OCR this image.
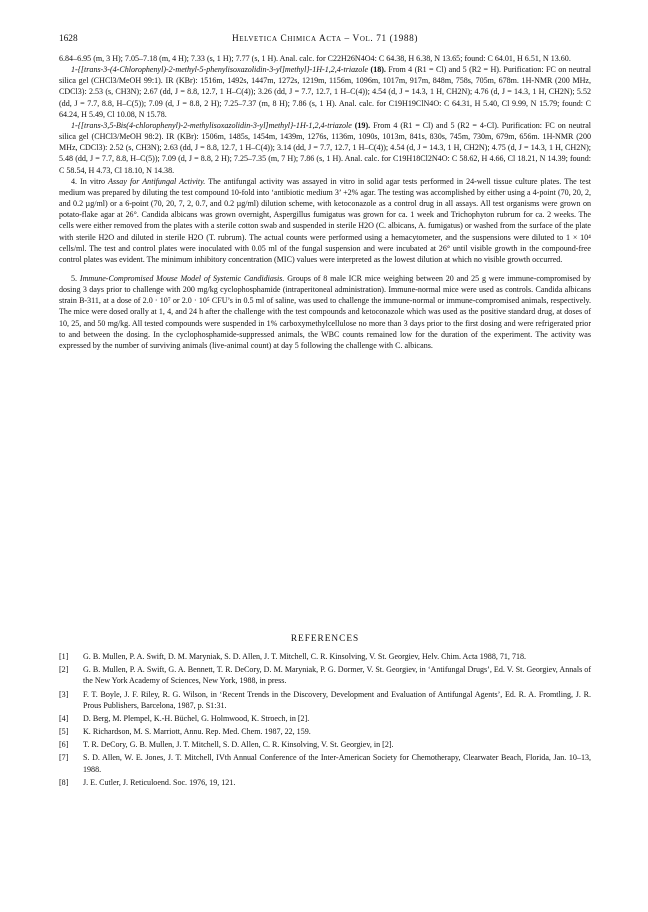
1628	Helvetica Chimica Acta – Vol. 71 (1988)

6.84–6.95 (m, 3 H); 7.05–7.18 (m, 4 H); 7.33 (s, 1 H); 7.77 (s, 1 H). Anal. calc. for C22H26N4O4: C 64.38, H 6.38, N 13.65; found: C 64.01, H 6.51, N 13.60.

1-{[trans-3-(4-Chlorophenyl)-2-methyl-5-phenylisoxazolidin-3-yl]methyl}-1H-1,2,4-triazole (18). From 4 (R1 = Cl) and 5 (R2 = H). Purification: FC on neutral silica gel (CHCl3/MeOH 99:1). IR (KBr): 1516m, 1492s, 1447m, 1272s, 1219m, 1156m, 1096m, 1017m, 917m, 848m, 758s, 705m, 678m. 1H-NMR (200 MHz, CDCl3): 2.53 (s, CH3N); 2.67 (dd, J = 8.8, 12.7, 1 H–C(4)); 3.26 (dd, J = 7.7, 12.7, 1 H–C(4)); 4.54 (d, J = 14.3, 1 H, CH2N); 4.76 (d, J = 14.3, 1 H, CH2N); 5.52 (dd, J = 7.7, 8.8, H–C(5)); 7.09 (d, J = 8.8, 2 H); 7.25–7.37 (m, 8 H); 7.86 (s, 1 H). Anal. calc. for C19H19ClN4O: C 64.31, H 5.40, Cl 9.99, N 15.79; found: C 64.24, H 5.49, Cl 10.08, N 15.78.

1-{[trans-3,5-Bis(4-chlorophenyl)-2-methylisoxazolidin-3-yl]methyl}-1H-1,2,4-triazole (19). From 4 (R1 = Cl) and 5 (R2 = 4-Cl). Purification: FC on neutral silica gel (CHCl3/MeOH 98:2). IR (KBr): 1506m, 1485s, 1454m, 1439m, 1276s, 1136m, 1090s, 1013m, 841s, 830s, 745m, 730m, 679m, 656m. 1H-NMR (200 MHz, CDCl3): 2.52 (s, CH3N); 2.63 (dd, J = 8.8, 12.7, 1 H–C(4)); 3.14 (dd, J = 7.7, 12.7, 1 H–C(4)); 4.54 (d, J = 14.3, 1 H, CH2N); 4.75 (d, J = 14.3, 1 H, CH2N); 5.48 (dd, J = 7.7, 8.8, H–C(5)); 7.09 (d, J = 8.8, 2 H); 7.25–7.35 (m, 7 H); 7.86 (s, 1 H). Anal. calc. for C19H18Cl2N4O: C 58.62, H 4.66, Cl 18.21, N 14.39; found: C 58.54, H 4.73, Cl 18.10, N 14.38.

4. In vitro Assay for Antifungal Activity. The antifungal activity was assayed in vitro in solid agar tests performed in 24-well tissue culture plates. The test medium was prepared by diluting the test compound 10-fold into ‘antibiotic medium 3’ +2% agar. The testing was accomplished by either using a 4-point (70, 20, 2, and 0.2 µg/ml) or a 6-point (70, 20, 7, 2, 0.7, and 0.2 µg/ml) dilution scheme, with ketoconazole as a control drug in all assays. All test organisms were grown on potato-flake agar at 26°. Candida albicans was grown overnight, Aspergillus fumigatus was grown for ca. 1 week and Trichophyton rubrum for ca. 2 weeks. The cells were either removed from the plates with a sterile cotton swab and suspended in sterile H2O (C. albicans, A. fumigatus) or washed from the surface of the plate with sterile H2O and diluted in sterile H2O (T. rubrum). The actual counts were performed using a hemacytometer, and the suspensions were diluted to 1 × 10⁴ cells/ml. The test and control plates were inoculated with 0.05 ml of the fungal suspension and were incubated at 26° until visible growth in the compound-free control plates was evident. The minimum inhibitory concentration (MIC) values were interpreted as the lowest dilution at which no visible growth occurred.

5. Immune-Compromised Mouse Model of Systemic Candidiasis. Groups of 8 male ICR mice weighing between 20 and 25 g were immune-compromised by dosing 3 days prior to challenge with 200 mg/kg cyclophosphamide (intraperitoneal administration). Immune-normal mice were used as controls. Candida albicans strain B-311, at a dose of 2.0 · 10⁷ or 2.0 · 10⁵ CFU’s in 0.5 ml of saline, was used to challenge the immune-normal or immune-compromised animals, respectively. The mice were dosed orally at 1, 4, and 24 h after the challenge with the test compounds and ketoconazole which was used as the positive standard drug, at doses of 10, 25, and 50 mg/kg. All tested compounds were suspended in 1% carboxymethylcellulose no more than 3 days prior to the first dosing and were refrigerated prior to and between the dosing. In the cyclophosphamide-suppressed animals, the WBC counts remained low for the duration of the experiment. The activity was expressed by the number of surviving animals (live-animal count) at day 5 following the challenge with C. albicans.

REFERENCES
[1] G. B. Mullen, P. A. Swift, D. M. Maryniak, S. D. Allen, J. T. Mitchell, C. R. Kinsolving, V. St. Georgiev, Helv. Chim. Acta 1988, 71, 718.
[2] G. B. Mullen, P. A. Swift, G. A. Bennett, T. R. DeCory, D. M. Maryniak, P. G. Dormer, V. St. Georgiev, in ‘Antifungal Drugs’, Ed. V. St. Georgiev, Annals of the New York Academy of Sciences, New York, 1988, in press.
[3] F. T. Boyle, J. F. Riley, R. G. Wilson, in ‘Recent Trends in the Discovery, Development and Evaluation of Antifungal Agents’, Ed. R. A. Fromtling, J. R. Prous Publishers, Barcelona, 1987, p. S1:31.
[4] D. Berg, M. Plempel, K.-H. Büchel, G. Holmwood, K. Stroech, in [2].
[5] K. Richardson, M. S. Marriott, Annu. Rep. Med. Chem. 1987, 22, 159.
[6] T. R. DeCory, G. B. Mullen, J. T. Mitchell, S. D. Allen, C. R. Kinsolving, V. St. Georgiev, in [2].
[7] S. D. Allen, W. E. Jones, J. T. Mitchell, IVth Annual Conference of the Inter-American Society for Chemotherapy, Clearwater Beach, Florida, Jan. 10–13, 1988.
[8] J. E. Cutler, J. Reticuloend. Soc. 1976, 19, 121.
